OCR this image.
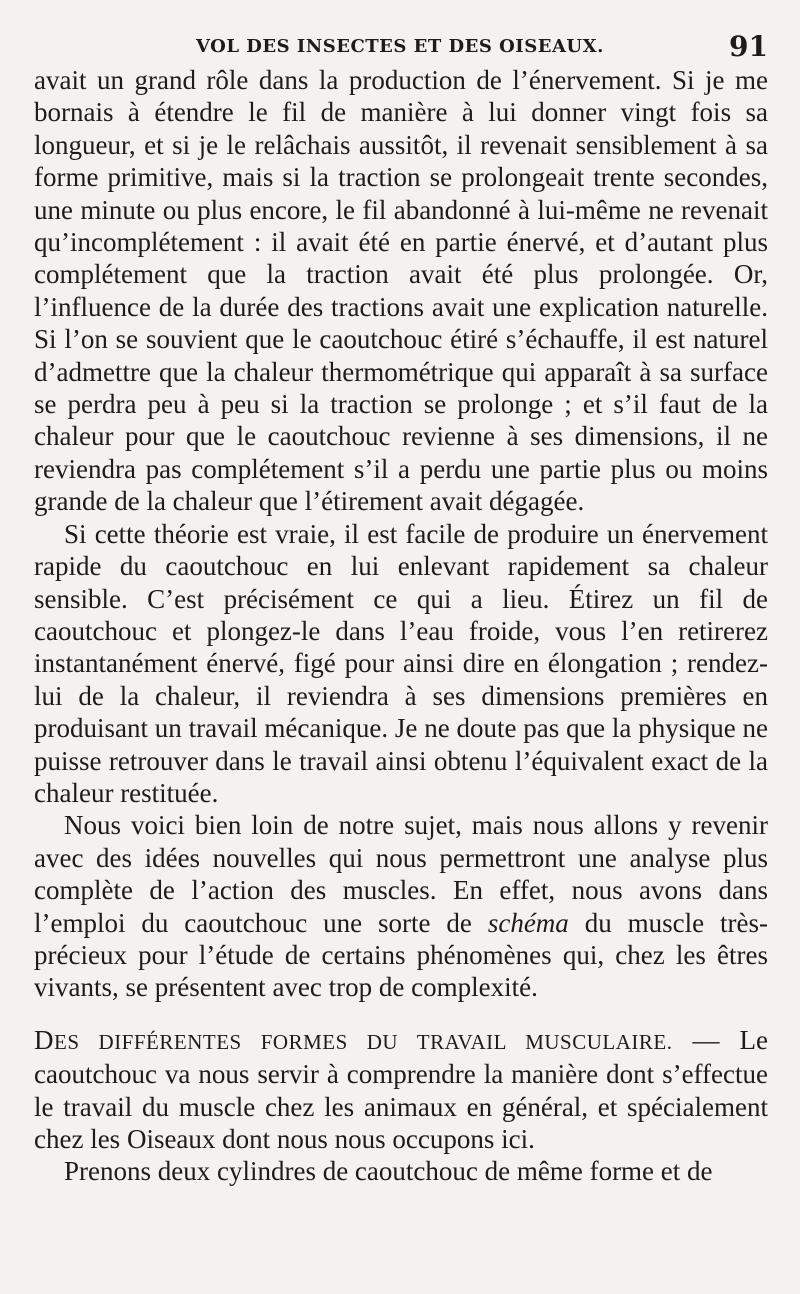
VOL DES INSECTES ET DES OISEAUX.	91

avait un grand rôle dans la production de l’énervement. Si je me bornais à étendre le fil de manière à lui donner vingt fois sa longueur, et si je le relâchais aussitôt, il revenait sensiblement à sa forme primitive, mais si la traction se prolongeait trente secondes, une minute ou plus encore, le fil abandonné à lui-même ne revenait qu’incomplétement : il avait été en partie énervé, et d’autant plus complétement que la traction avait été plus prolongée. Or, l’influence de la durée des tractions avait une explication naturelle. Si l’on se souvient que le caoutchouc étiré s’échauffe, il est naturel d’admettre que la chaleur thermométrique qui apparaît à sa surface se perdra peu à peu si la traction se prolonge ; et s’il faut de la chaleur pour que le caoutchouc revienne à ses dimensions, il ne reviendra pas complétement s’il a perdu une partie plus ou moins grande de la chaleur que l’étirement avait dégagée.

Si cette théorie est vraie, il est facile de produire un énervement rapide du caoutchouc en lui enlevant rapidement sa chaleur sensible. C’est précisément ce qui a lieu. Étirez un fil de caoutchouc et plongez-le dans l’eau froide, vous l’en retirerez instantanément énervé, figé pour ainsi dire en élongation ; rendez-lui de la chaleur, il reviendra à ses dimensions premières en produisant un travail mécanique. Je ne doute pas que la physique ne puisse retrouver dans le travail ainsi obtenu l’équivalent exact de la chaleur restituée.

Nous voici bien loin de notre sujet, mais nous allons y revenir avec des idées nouvelles qui nous permettront une analyse plus complète de l’action des muscles. En effet, nous avons dans l’emploi du caoutchouc une sorte de schéma du muscle très-précieux pour l’étude de certains phénomènes qui, chez les êtres vivants, se présentent avec trop de complexité.

DES DIFFÉRENTES FORMES DU TRAVAIL MUSCULAIRE. — Le caoutchouc va nous servir à comprendre la manière dont s’effectue le travail du muscle chez les animaux en général, et spécialement chez les Oiseaux dont nous nous occupons ici.

Prenons deux cylindres de caoutchouc de même forme et de
